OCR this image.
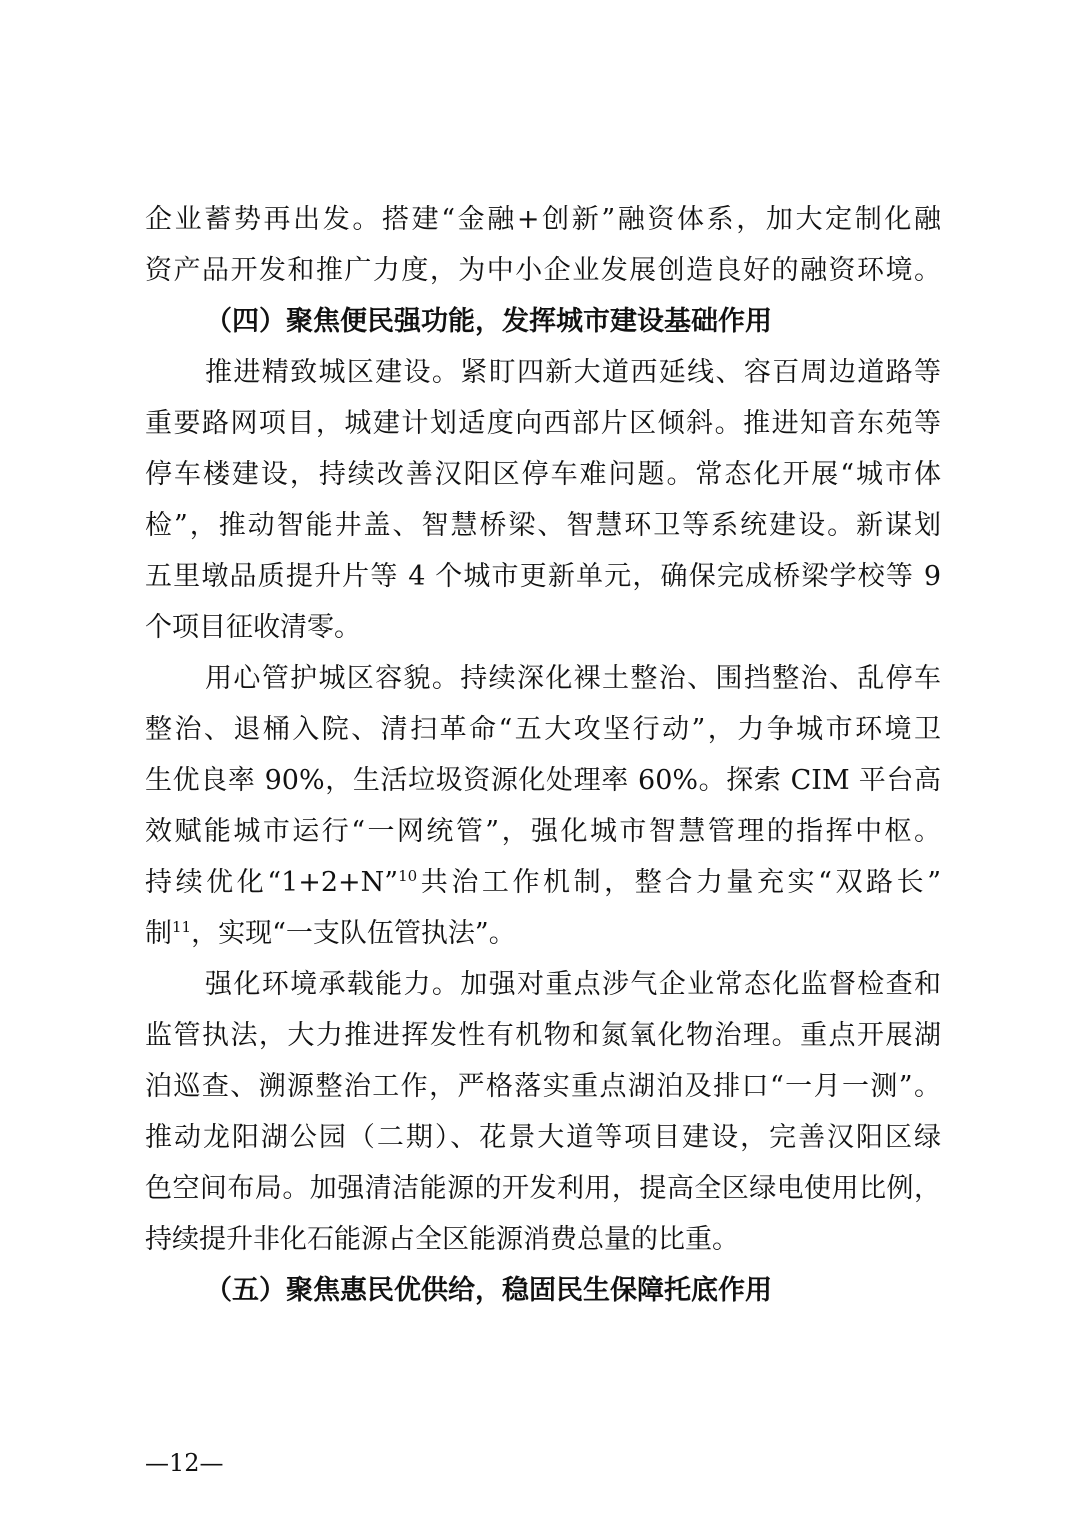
企业蓄势再出发。搭建“金融+创新”融资体系，加大定制化融
资产品开发和推广力度，为中小企业发展创造良好的融资环境。
（四）聚焦便民强功能，发挥城市建设基础作用
推进精致城区建设。紧盯四新大道西延线、容百周边道路等
重要路网项目，城建计划适度向西部片区倾斜。推进知音东苑等
停车楼建设，持续改善汉阳区停车难问题。常态化开展“城市体
检”，推动智能井盖、智慧桥梁、智慧环卫等系统建设。新谋划
五里墩品质提升片等 4 个城市更新单元，确保完成桥梁学校等 9
个项目征收清零。
用心管护城区容貌。持续深化裸土整治、围挡整治、乱停车
整治、退桶入院、清扫革命“五大攻坚行动”，力争城市环境卫
生优良率 90%，生活垃圾资源化处理率 60%。探索 CIM 平台高
效赋能城市运行“一网统管”，强化城市智慧管理的指挥中枢。
持续优化“1+2+N”$^{10}$共治工作机制，整合力量充实“双路长”
制$^{11}$，实现“一支队伍管执法”。
强化环境承载能力。加强对重点涉气企业常态化监督检查和
监管执法，大力推进挥发性有机物和氮氧化物治理。重点开展湖
泊巡查、溯源整治工作，严格落实重点湖泊及排口“一月一测”。
推动龙阳湖公园（二期）、花景大道等项目建设，完善汉阳区绿
色空间布局。加强清洁能源的开发利用，提高全区绿电使用比例，
持续提升非化石能源占全区能源消费总量的比重。
（五）聚焦惠民优供给，稳固民生保障托底作用
—12—
